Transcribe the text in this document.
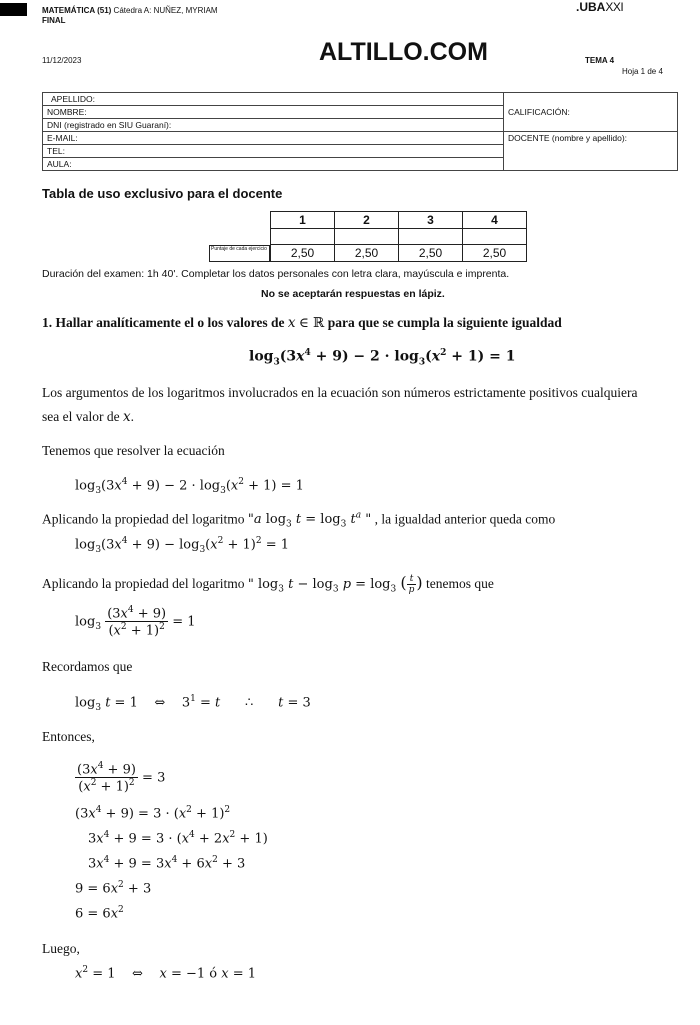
MATEMÁTICA (51) Cátedra A: NUÑEZ, MYRIAM
FINAL
.UBAXXI
11/12/2023	ALTILLO.COM	TEMA 4
Hoja 1 de 4
APELLIDO:	CALIFICACIÓN:
NOMBRE:	
DNI (registrado en SIU Guaraní):	
E-MAIL:	DOCENTE (nombre y apellido):
TEL:	
AULA:	
Tabla de uso exclusivo para el docente
Puntaje de cada ejercicio
1	2	3	4

2,50	2,50	2,50	2,50
Duración del examen: 1h 40'. Completar los datos personales con letra clara, mayúscula e imprenta.
No se aceptarán respuestas en lápiz.
1. Hallar analíticamente el o los valores de x ∈ ℝ para que se cumpla la siguiente igualdad
$\log_3(3x^4 + 9) - 2 \cdot \log_3(x^2 + 1) = 1$
Los argumentos de los logaritmos involucrados en la ecuación son números estrictamente positivos cualquiera
sea el valor de x.
Tenemos que resolver la ecuación
$\log_3(3x^4 + 9) - 2 \cdot \log_3(x^2 + 1) = 1$
Aplicando la propiedad del logaritmo "a $\log_3 t = \log_3 t^a$ " , la igualdad anterior queda como
$\log_3(3x^4 + 9) - \log_3(x^2 + 1)^2 = 1$
Aplicando la propiedad del logaritmo " $\log_3 t - \log_3 p = \log_3$ ( $\frac{t}{p}$ ) tenemos que
$\log_3 \frac{(3x^4 + 9)}{(x^2 + 1)^2} = 1$
Recordamos que
$\log_3 t = 1$    ⇔    $3^1 = t$ ∴ t = 3
Entonces,
$\frac{(3x^4 + 9)}{(x^2 + 1)^2} = 3$
$(3x^4 + 9) = 3 \cdot (x^2 + 1)^2$
$3x^4 + 9 = 3 \cdot (x^4 + 2x^2 + 1)$
$3x^4 + 9 = 3x^4 + 6x^2 + 3$
$9 = 6x^2 + 3$
$6 = 6x^2$
Luego,
$x^2 = 1$    ⇔ x = −1 ó x = 1
